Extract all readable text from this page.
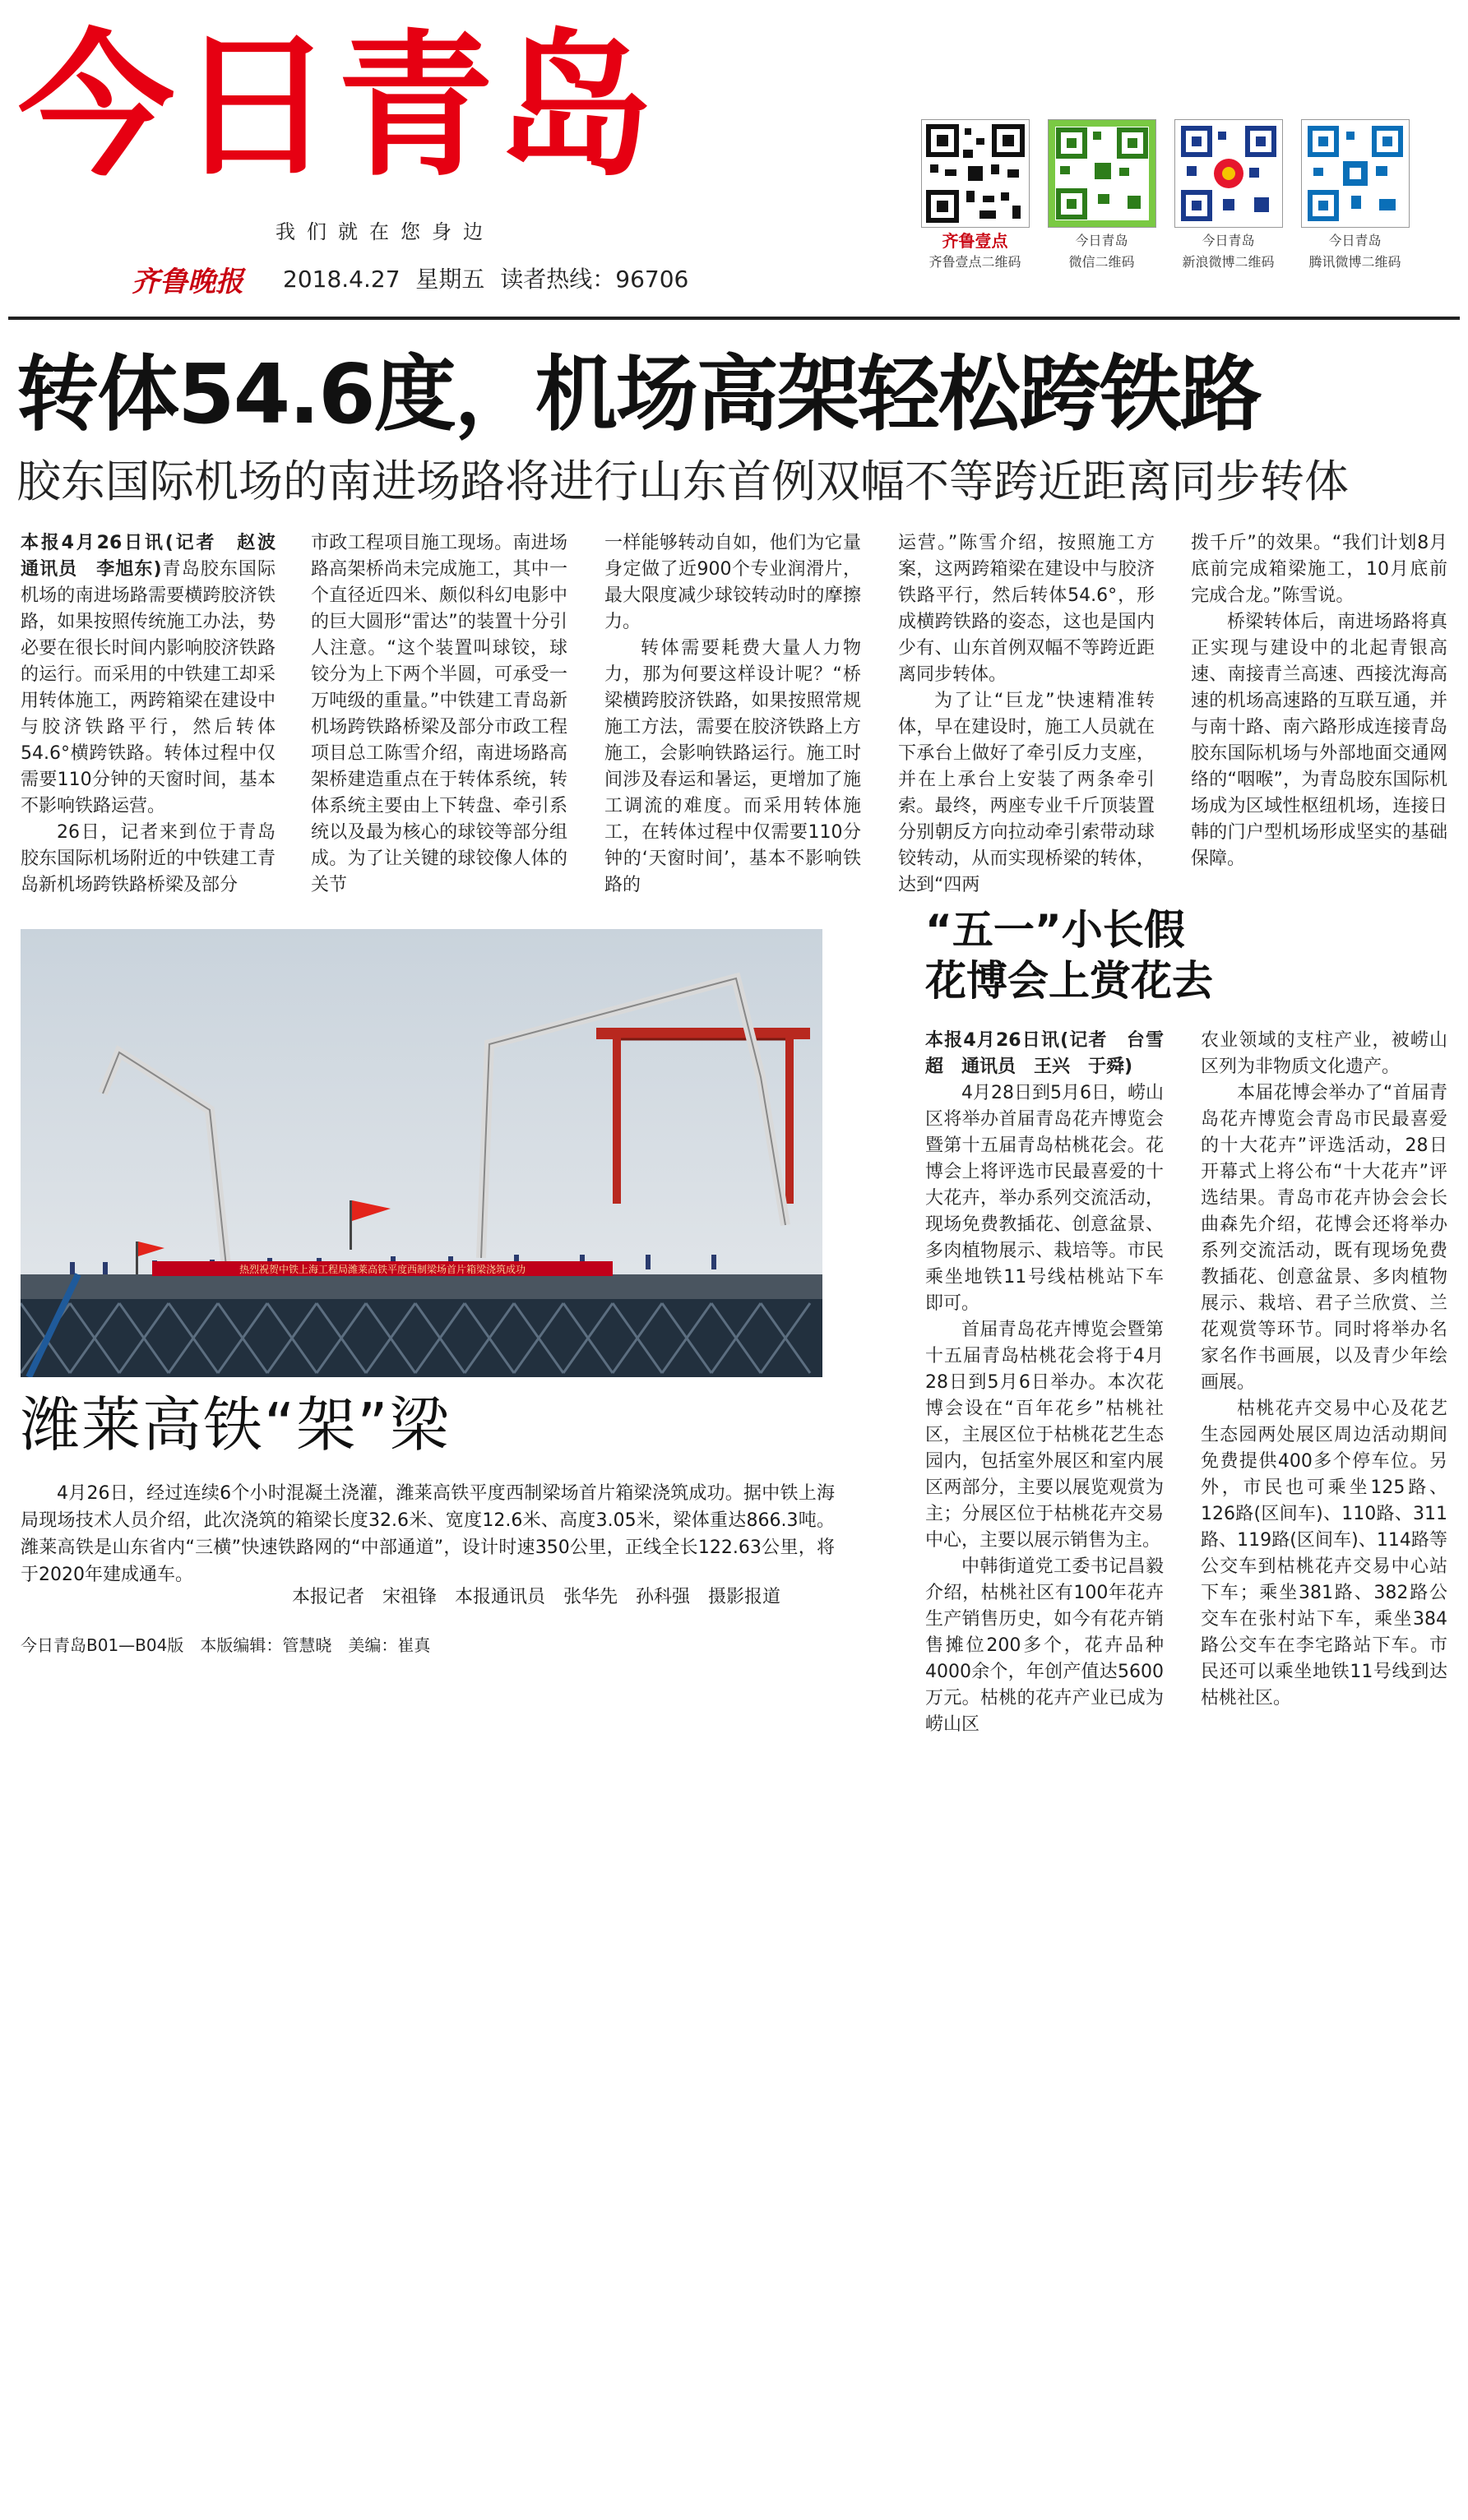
今日青岛
我们就在您身边
齐鲁晚报 2018.4.27 星期五 读者热线：96706
齐鲁壹点
齐鲁壹点二维码
今日青岛
微信二维码
今日青岛
新浪微博二维码
今日青岛
腾讯微博二维码
转体54.6度，机场高架轻松跨铁路
胶东国际机场的南进场路将进行山东首例双幅不等跨近距离同步转体

本报4月26日讯(记者　赵波　通讯员　李旭东)青岛胶东国际机场的南进场路需要横跨胶济铁路，如果按照传统施工办法，势必要在很长时间内影响胶济铁路的运行。而采用的中铁建工却采用转体施工，两跨箱梁在建设中与胶济铁路平行，然后转体54.6°横跨铁路。转体过程中仅需要110分钟的天窗时间，基本不影响铁路运营。

26日，记者来到位于青岛胶东国际机场附近的中铁建工青岛新机场跨铁路桥梁及部分

市政工程项目施工现场。南进场路高架桥尚未完成施工，其中一个直径近四米、颇似科幻电影中的巨大圆形“雷达”的装置十分引人注意。“这个装置叫球铰，球铰分为上下两个半圆，可承受一万吨级的重量。”中铁建工青岛新机场跨铁路桥梁及部分市政工程项目总工陈雪介绍，南进场路高架桥建造重点在于转体系统，转体系统主要由上下转盘、牵引系统以及最为核心的球铰等部分组成。为了让关键的球铰像人体的关节

一样能够转动自如，他们为它量身定做了近900个专业润滑片，最大限度减少球铰转动时的摩擦力。

转体需要耗费大量人力物力，那为何要这样设计呢？“桥梁横跨胶济铁路，如果按照常规施工方法，需要在胶济铁路上方施工，会影响铁路运行。施工时间涉及春运和暑运，更增加了施工调流的难度。而采用转体施工，在转体过程中仅需要110分钟的‘天窗时间’，基本不影响铁路的

运营。”陈雪介绍，按照施工方案，这两跨箱梁在建设中与胶济铁路平行，然后转体54.6°，形成横跨铁路的姿态，这也是国内少有、山东首例双幅不等跨近距离同步转体。

为了让“巨龙”快速精准转体，早在建设时，施工人员就在下承台上做好了牵引反力支座，并在上承台上安装了两条牵引索。最终，两座专业千斤顶装置分别朝反方向拉动牵引索带动球铰转动，从而实现桥梁的转体，达到“四两

拨千斤”的效果。“我们计划8月底前完成箱梁施工，10月底前完成合龙。”陈雪说。

桥梁转体后，南进场路将真正实现与建设中的北起青银高速、南接青兰高速、西接沈海高速的机场高速路的互联互通，并与南十路、南六路形成连接青岛胶东国际机场与外部地面交通网络的“咽喉”，为青岛胶东国际机场成为区域性枢纽机场，连接日韩的门户型机场形成坚实的基础保障。

热烈祝贺中铁上海工程局潍莱高铁平度西制梁场首片箱梁浇筑成功
潍莱高铁“架”梁

4月26日，经过连续6个小时混凝土浇灌，潍莱高铁平度西制梁场首片箱梁浇筑成功。据中铁上海局现场技术人员介绍，此次浇筑的箱梁长度32.6米、宽度12.6米、高度3.05米，梁体重达866.3吨。潍莱高铁是山东省内“三横”快速铁路网的“中部通道”，设计时速350公里，正线全长122.63公里，将于2020年建成通车。

本报记者　宋祖锋　本报通讯员　张华先　孙科强　摄影报道
“五一”小长假
花博会上赏花去

本报4月26日讯(记者　台雪超　通讯员　王兴　于舜)

4月28日到5月6日，崂山区将举办首届青岛花卉博览会暨第十五届青岛枯桃花会。花博会上将评选市民最喜爱的十大花卉，举办系列交流活动，现场免费教插花、创意盆景、多肉植物展示、栽培等。市民乘坐地铁11号线枯桃站下车即可。

首届青岛花卉博览会暨第十五届青岛枯桃花会将于4月28日到5月6日举办。本次花博会设在“百年花乡”枯桃社区，主展区位于枯桃花艺生态园内，包括室外展区和室内展区两部分，主要以展览观赏为主；分展区位于枯桃花卉交易中心，主要以展示销售为主。

中韩街道党工委书记昌毅介绍，枯桃社区有100年花卉生产销售历史，如今有花卉销售摊位200多个，花卉品种4000余个，年创产值达5600万元。枯桃的花卉产业已成为崂山区

农业领域的支柱产业，被崂山区列为非物质文化遗产。

本届花博会举办了“首届青岛花卉博览会青岛市民最喜爱的十大花卉”评选活动，28日开幕式上将公布“十大花卉”评选结果。青岛市花卉协会会长曲森先介绍，花博会还将举办系列交流活动，既有现场免费教插花、创意盆景、多肉植物展示、栽培、君子兰欣赏、兰花观赏等环节。同时将举办名家名作书画展，以及青少年绘画展。

枯桃花卉交易中心及花艺生态园两处展区周边活动期间免费提供400多个停车位。另外，市民也可乘坐125路、126路(区间车)、110路、311路、119路(区间车)、114路等公交车到枯桃花卉交易中心站下车；乘坐381路、382路公交车在张村站下车，乘坐384路公交车在李宅路站下车。市民还可以乘坐地铁11号线到达枯桃社区。

今日青岛B01—B04版　本版编辑：管慧晓　美编：崔真
